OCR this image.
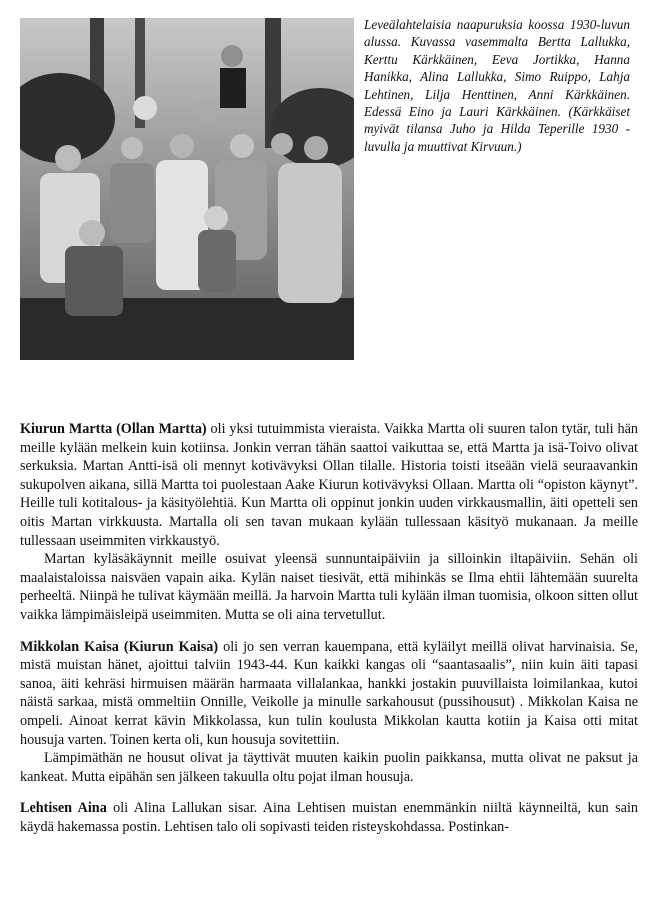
Leveälahtelaisia naapuruksia koossa 1930-luvun alussa. Kuvassa vasemmalta Bertta Lallukka, Kerttu Kärkkäinen, Eeva Jortikka, Hanna Hanikka, Alina Lallukka, Simo Ruippo, Lahja Lehtinen, Lilja Henttinen, Anni Kärkkäinen. Edessä Eino ja Lauri Kärkkäinen. (Kärkkäiset myivät tilansa Juho ja Hilda Teperille 1930 -luvulla ja muuttivat Kirvuun.)

Kiurun Martta (Ollan Martta) oli yksi tutuimmista vieraista. Vaikka Martta oli suuren talon tytär, tuli hän meille kylään melkein kuin kotiinsa. Jonkin verran tähän saattoi vaikuttaa se, että Martta ja isä-Toivo olivat serkuksia. Martan Antti-isä oli mennyt kotivävyksi Ollan tilalle. Historia toisti itseään vielä seuraavankin sukupolven aikana, sillä Martta toi puolestaan Aake Kiurun kotivävyksi Ollaan. Martta oli “opiston käynyt”. Heille tuli kotitalous- ja käsityölehtiä. Kun Martta oli oppinut jonkin uuden virkkausmallin, äiti opetteli sen oitis Martan virkkuusta. Martalla oli sen tavan mukaan kylään tullessaan käsityö mukanaan. Ja meille tullessaan useimmiten virkkaustyö.

Martan kyläsäkäynnit meille osuivat yleensä sunnuntaipäiviin ja silloinkin iltapäiviin. Sehän oli maalaistaloissa naisväen vapain aika. Kylän naiset tiesivät, että mihinkäs se Ilma ehtii lähtemään suurelta perheeltä. Niinpä he tulivat käymään meillä. Ja harvoin Martta tuli kylään ilman tuomisia, olkoon sitten ollut vaikka lämpimäisleipä useimmiten. Mutta se oli aina tervetullut.

Mikkolan Kaisa (Kiurun Kaisa) oli jo sen verran kauempana, että kyläilyt meillä olivat harvinaisia. Se, mistä muistan hänet, ajoittui talviin 1943-44. Kun kaikki kangas oli “saantasaalis”, niin kuin äiti tapasi sanoa, äiti kehräsi hirmuisen määrän harmaata villalankaa, hankki jostakin puuvillaista loimilankaa, kutoi näistä sarkaa, mistä ommeltiin Onnille, Veikolle ja minulle sarkahousut (pussihousut) . Mikkolan Kaisa ne ompeli. Ainoat kerrat kävin Mikkolassa, kun tulin koulusta Mikkolan kautta kotiin ja Kaisa otti mitat housuja varten. Toinen kerta oli, kun housuja sovitettiin.

Lämpimäthän ne housut olivat ja täyttivät muuten kaikin puolin paikkansa, mutta olivat ne paksut ja kankeat. Mutta eipähän sen jälkeen takuulla oltu pojat ilman housuja.

Lehtisen Aina oli Alina Lallukan sisar. Aina Lehtisen muistan enemmänkin niiltä käynneiltä, kun sain käydä hakemassa postin. Lehtisen talo oli sopivasti teiden risteyskohdassa. Postinkan-
